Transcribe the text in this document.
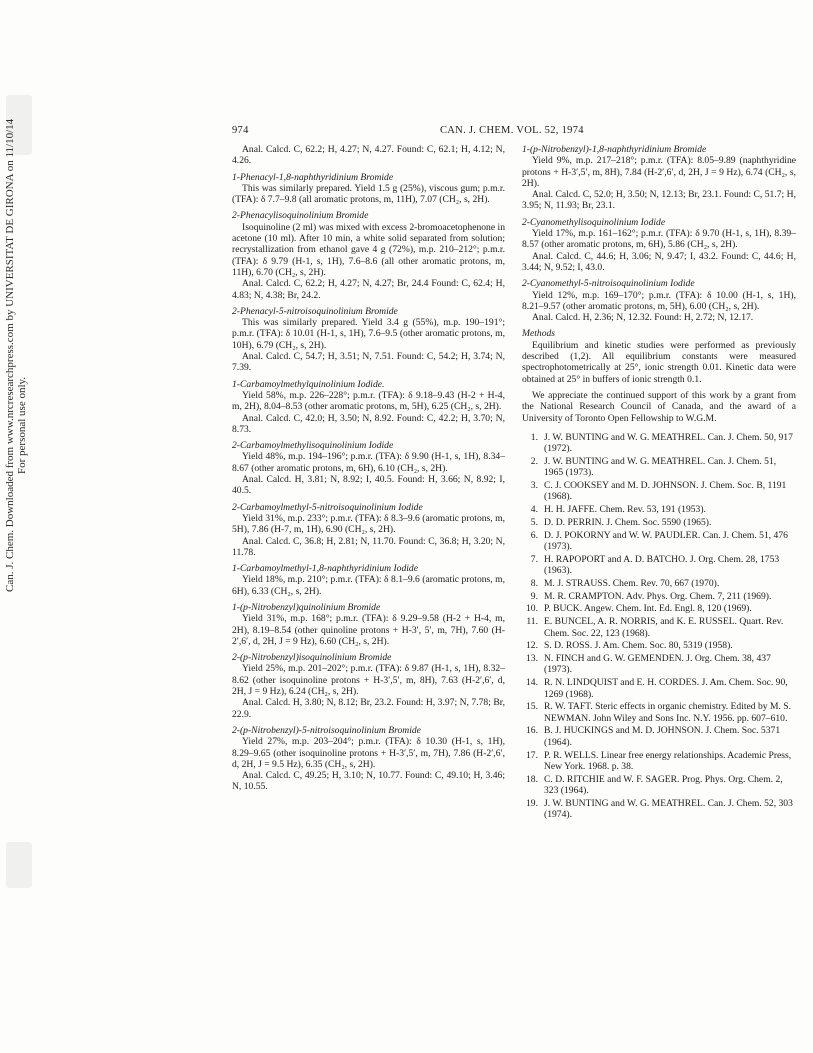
Can. J. Chem. Downloaded from www.nrcresearchpress.com by UNIVERSITAT DE GIRONA on 11/10/14 For personal use only.
974	CAN. J. CHEM. VOL. 52, 1974
Anal. Calcd. C, 62.2; H, 4.27; N, 4.27. Found: C, 62.1; H, 4.12; N, 4.26.
1-Phenacyl-1,8-naphthyridinium Bromide
This was similarly prepared. Yield 1.5 g (25%), viscous gum; p.m.r. (TFA): δ 7.7–9.8 (all aromatic protons, m, 11H), 7.07 (CH₂, s, 2H).
2-Phenacylisoquinolinium Bromide
Isoquinoline (2 ml) was mixed with excess 2-bromoacetophenone in acetone (10 ml). After 10 min, a white solid separated from solution; recrystallization from ethanol gave 4 g (72%), m.p. 210–212°; p.m.r. (TFA): δ 9.79 (H-1, s, 1H), 7.6–8.6 (all other aromatic protons, m, 11H), 6.70 (CH₂, s, 2H).
Anal. Calcd. C, 62.2; H, 4.27; N, 4.27; Br, 24.4 Found: C, 62.4; H, 4.83; N, 4.38; Br, 24.2.
2-Phenacyl-5-nitroisoquinolinium Bromide
This was similarly prepared. Yield 3.4 g (55%), m.p. 190–191°; p.m.r. (TFA): δ 10.01 (H-1, s, 1H), 7.6–9.5 (other aromatic protons, m, 10H), 6.79 (CH₂, s, 2H).
Anal. Calcd. C, 54.7; H, 3.51; N, 7.51. Found: C, 54.2; H, 3.74; N, 7.39.
1-Carbamoylmethylquinolinium Iodide.
Yield 58%, m.p. 226–228°; p.m.r. (TFA): δ 9.18–9.43 (H-2 + H-4, m, 2H), 8.04–8.53 (other aromatic protons, m, 5H), 6.25 (CH₂, s, 2H).
Anal. Calcd. C, 42.0; H, 3.50; N, 8.92. Found: C, 42.2; H, 3.70; N, 8.73.
2-Carbamoylmethylisoquinolinium Iodide
Yield 48%, m.p. 194–196°; p.m.r. (TFA): δ 9.90 (H-1, s, 1H), 8.34–8.67 (other aromatic protons, m, 6H), 6.10 (CH₂, s, 2H).
Anal. Calcd. H, 3.81; N, 8.92; I, 40.5. Found: H, 3.66; N, 8.92; I, 40.5.
2-Carbamoylmethyl-5-nitroisoquinolinium Iodide
Yield 31%, m.p. 233°; p.m.r. (TFA): δ 8.3–9.6 (aromatic protons, m, 5H), 7.86 (H-7, m, 1H), 6.90 (CH₂, s, 2H).
Anal. Calcd. C, 36.8; H, 2.81; N, 11.70. Found: C, 36.8; H, 3.20; N, 11.78.
1-Carbamoylmethyl-1,8-naphthyridinium Iodide
Yield 18%, m.p. 210°; p.m.r. (TFA): δ 8.1–9.6 (aromatic protons, m, 6H), 6.33 (CH₂, s, 2H).
1-(p-Nitrobenzyl)quinolinium Bromide
Yield 31%, m.p. 168°; p.m.r. (TFA): δ 9.29–9.58 (H-2 + H-4, m, 2H), 8.19–8.54 (other quinoline protons + H-3′, 5′, m, 7H), 7.60 (H-2′,6′, d, 2H, J = 9 Hz), 6.60 (CH₂, s, 2H).
2-(p-Nitrobenzyl)isoquinolinium Bromide
Yield 25%, m.p. 201–202°; p.m.r. (TFA): δ 9.87 (H-1, s, 1H), 8.32–8.62 (other isoquinoline protons + H-3′,5′, m, 8H), 7.63 (H-2′,6′, d, 2H, J = 9 Hz), 6.24 (CH₂, s, 2H).
Anal. Calcd. H, 3.80; N, 8.12; Br, 23.2. Found: H, 3.97; N, 7.78; Br, 22.9.
2-(p-Nitrobenzyl)-5-nitroisoquinolinium Bromide
Yield 27%, m.p. 203–204°; p.m.r. (TFA): δ 10.30 (H-1, s, 1H), 8.29–9.65 (other isoquinoline protons + H-3′,5′, m, 7H), 7.86 (H-2′,6′, d, 2H, J = 9.5 Hz), 6.35 (CH₂, s, 2H).
Anal. Calcd. C, 49.25; H, 3.10; N, 10.77. Found: C, 49.10; H, 3.46; N, 10.55.
1-(p-Nitrobenzyl)-1,8-naphthyridinium Bromide
Yield 9%, m.p. 217–218°; p.m.r. (TFA): 8.05–9.89 (naphthyridine protons + H-3′,5′, m, 8H), 7.84 (H-2′,6′, d, 2H, J = 9 Hz), 6.74 (CH₂, s, 2H).
Anal. Calcd. C, 52.0; H, 3.50; N, 12.13; Br, 23.1. Found: C, 51.7; H, 3.95; N, 11.93; Br, 23.1.
2-Cyanomethylisoquinolinium Iodide
Yield 17%, m.p. 161–162°; p.m.r. (TFA): δ 9.70 (H-1, s, 1H), 8.39–8.57 (other aromatic protons, m, 6H), 5.86 (CH₂, s, 2H).
Anal. Calcd. C, 44.6; H, 3.06; N, 9.47; I, 43.2. Found: C, 44.6; H, 3.44; N, 9.52; I, 43.0.
2-Cyanomethyl-5-nitroisoquinolinium Iodide
Yield 12%, m.p. 169–170°; p.m.r. (TFA): δ 10.00 (H-1, s, 1H), 8.21–9.57 (other aromatic protons, m, 5H), 6.00 (CH₂, s, 2H).
Anal. Calcd. H, 2.36; N, 12.32. Found: H, 2.72; N, 12.17.
Methods
Equilibrium and kinetic studies were performed as previously described (1,2). All equilibrium constants were measured spectrophotometrically at 25°, ionic strength 0.01. Kinetic data were obtained at 25° in buffers of ionic strength 0.1.
We appreciate the continued support of this work by a grant from the National Research Council of Canada, and the award of a University of Toronto Open Fellowship to W.G.M.
1. J. W. BUNTING and W. G. MEATHREL. Can. J. Chem. 50, 917 (1972).
2. J. W. BUNTING and W. G. MEATHREL. Can. J. Chem. 51, 1965 (1973).
3. C. J. COOKSEY and M. D. JOHNSON. J. Chem. Soc. B, 1191 (1968).
4. H. H. JAFFE. Chem. Rev. 53, 191 (1953).
5. D. D. PERRIN. J. Chem. Soc. 5590 (1965).
6. D. J. POKORNY and W. W. PAUDLER. Can. J. Chem. 51, 476 (1973).
7. H. RAPOPORT and A. D. BATCHO. J. Org. Chem. 28, 1753 (1963).
8. M. J. STRAUSS. Chem. Rev. 70, 667 (1970).
9. M. R. CRAMPTON. Adv. Phys. Org. Chem. 7, 211 (1969).
10. P. BUCK. Angew. Chem. Int. Ed. Engl. 8, 120 (1969).
11. E. BUNCEL, A. R. NORRIS, and K. E. RUSSEL. Quart. Rev. Chem. Soc. 22, 123 (1968).
12. S. D. ROSS. J. Am. Chem. Soc. 80, 5319 (1958).
13. N. FINCH and G. W. GEMENDEN. J. Org. Chem. 38, 437 (1973).
14. R. N. LINDQUIST and E. H. CORDES. J. Am. Chem. Soc. 90, 1269 (1968).
15. R. W. TAFT. Steric effects in organic chemistry. Edited by M. S. NEWMAN. John Wiley and Sons Inc. N.Y. 1956. pp. 607–610.
16. B. J. HUCKINGS and M. D. JOHNSON. J. Chem. Soc. 5371 (1964).
17. P. R. WELLS. Linear free energy relationships. Academic Press, New York. 1968. p. 38.
18. C. D. RITCHIE and W. F. SAGER. Prog. Phys. Org. Chem. 2, 323 (1964).
19. J. W. BUNTING and W. G. MEATHREL. Can. J. Chem. 52, 303 (1974).
